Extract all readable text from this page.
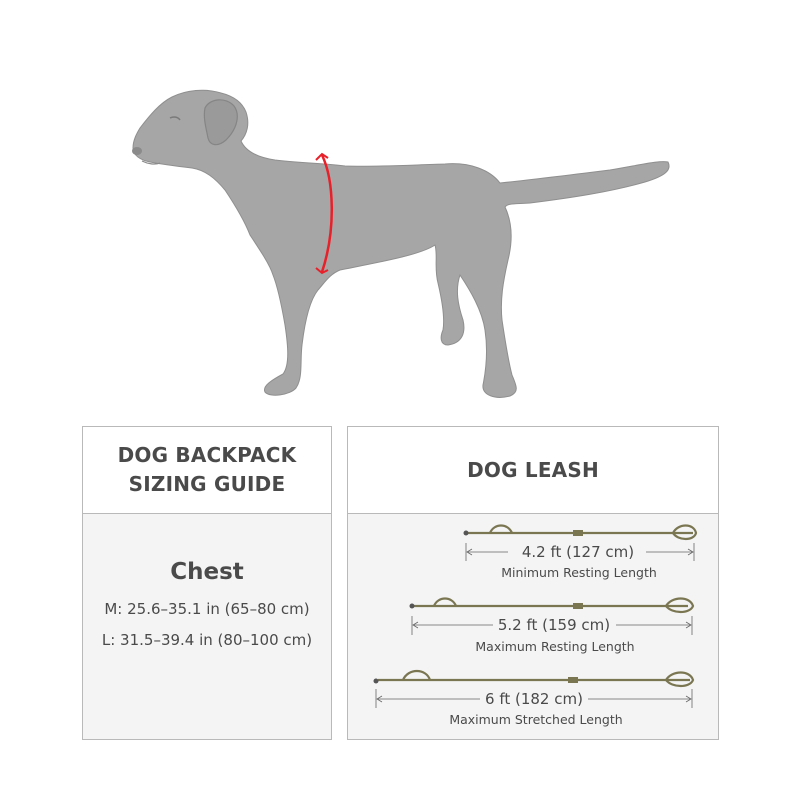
DOG BACKPACK SIZING GUIDE
Chest
M: 25.6–35.1 in (65–80 cm)
L: 31.5–39.4 in (80–100 cm)
DOG LEASH
4.2 ft (127 cm)
Minimum Resting Length
5.2 ft (159 cm)
Maximum Resting Length
6 ft (182 cm)
Maximum Stretched Length
